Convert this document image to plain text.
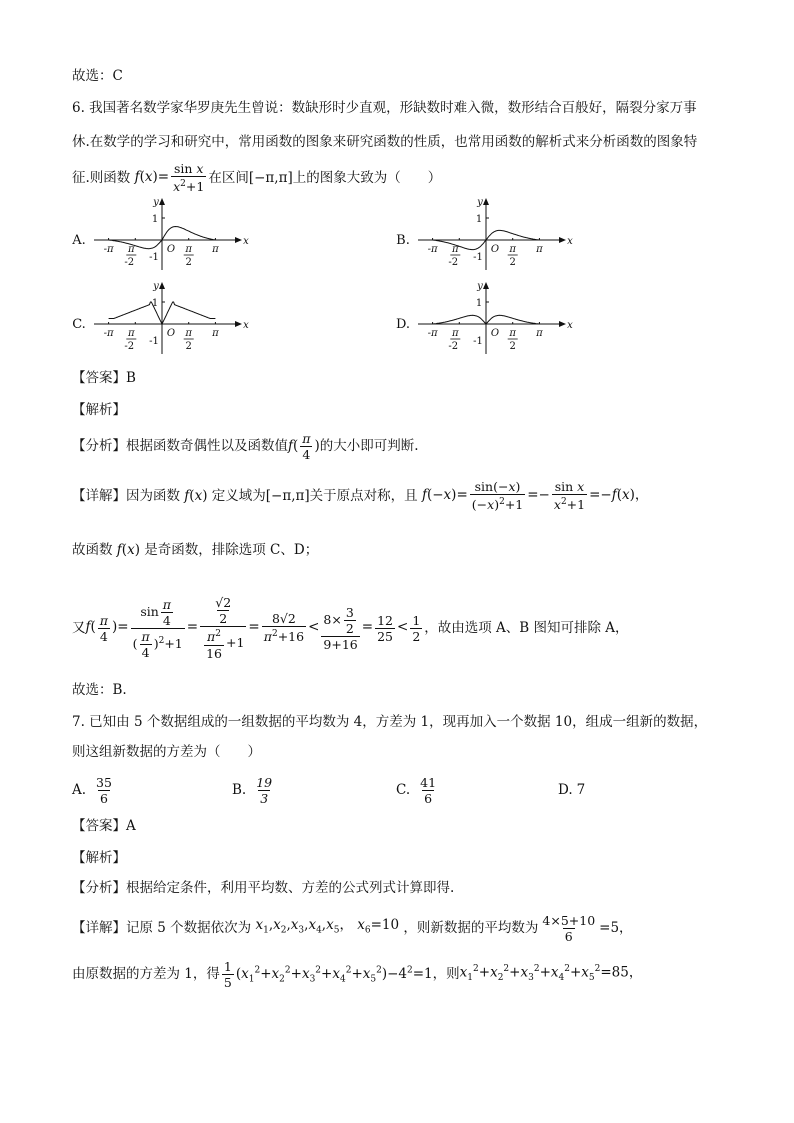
故选：C
6. 我国著名数学家华罗庚先生曾说：数缺形时少直观，形缺数时难入微，数形结合百般好，隔裂分家万事
休.在数学的学习和研究中，常用函数的图象来研究函数的性质，也常用函数的解析式来分析函数的图象特
征.则函数 $f(x)= \frac{\text{sin x}}{x^2+1}$ 在区间[−π,π]上的图象大致为（　　）
A.	x
y
-π	π
π
-2
π
2
1
-1
O
B.	x
y
-π	π
π
-2
π
2
1
-1
O
C.	x
y
-π	π
π
-2
π
2
1
-1
O
D.	x
y
-π	π
π
-2
π
2
1
-1
O
【答案】B
【解析】
【分析】根据函数奇偶性以及函数值 $f( \frac{\pi}{4}$ ) 的大小即可判断.
【详解】因为函数 f(x) 定义域为[−π,π]关于原点对称，且 $f(-x)= \frac{\sin(-x)}{(-x)^2+1} =- \frac{\text{sin x}}{x^2+1} =-f(x)$，
故函数 f(x) 是奇函数，排除选项 C、D；
又 $f( \frac{\pi}{4}$ )= $\frac{\sin \frac{\pi}{4}}{( \frac{\pi}{4} )^2+1} = \frac{\frac{√2}{2}}{\frac{\pi^2}{16} +1} = \frac{8√2}{\pi^2+16} < \frac{8\times \frac{3}{2}}{9+16} = \frac{12}{25} < \frac{1}{2}$ ，故由选项 A、B 图知可排除 A，
故选：B.
7. 已知由 5 个数据组成的一组数据的平均数为 4，方差为 1，现再加入一个数据 10，组成一组新的数据，
则这组新数据的方差为（　　）
A. $\frac{35}{6}$	B. $\frac{19}{3}$	C. $\frac{41}{6}$	D. 7
【答案】A
【解析】
【分析】根据给定条件，利用平均数、方差的公式列式计算即得.
【详解】记原 5 个数据依次为 $x_1,x_2,x_3,x_4,x_5$， $x_6=10$ ，则新数据的平均数为 $\frac{4\times 5+10}{6} =5$，
由原数据的方差为 1，得 $\frac{1}{5} (x_1^2+x_2^2+x_3^2+x_4^2+x_5^2)-4^2=1$ ，则 $x_1^2+x_2^2+x_3^2+x_4^2+x_5^2=85$，
